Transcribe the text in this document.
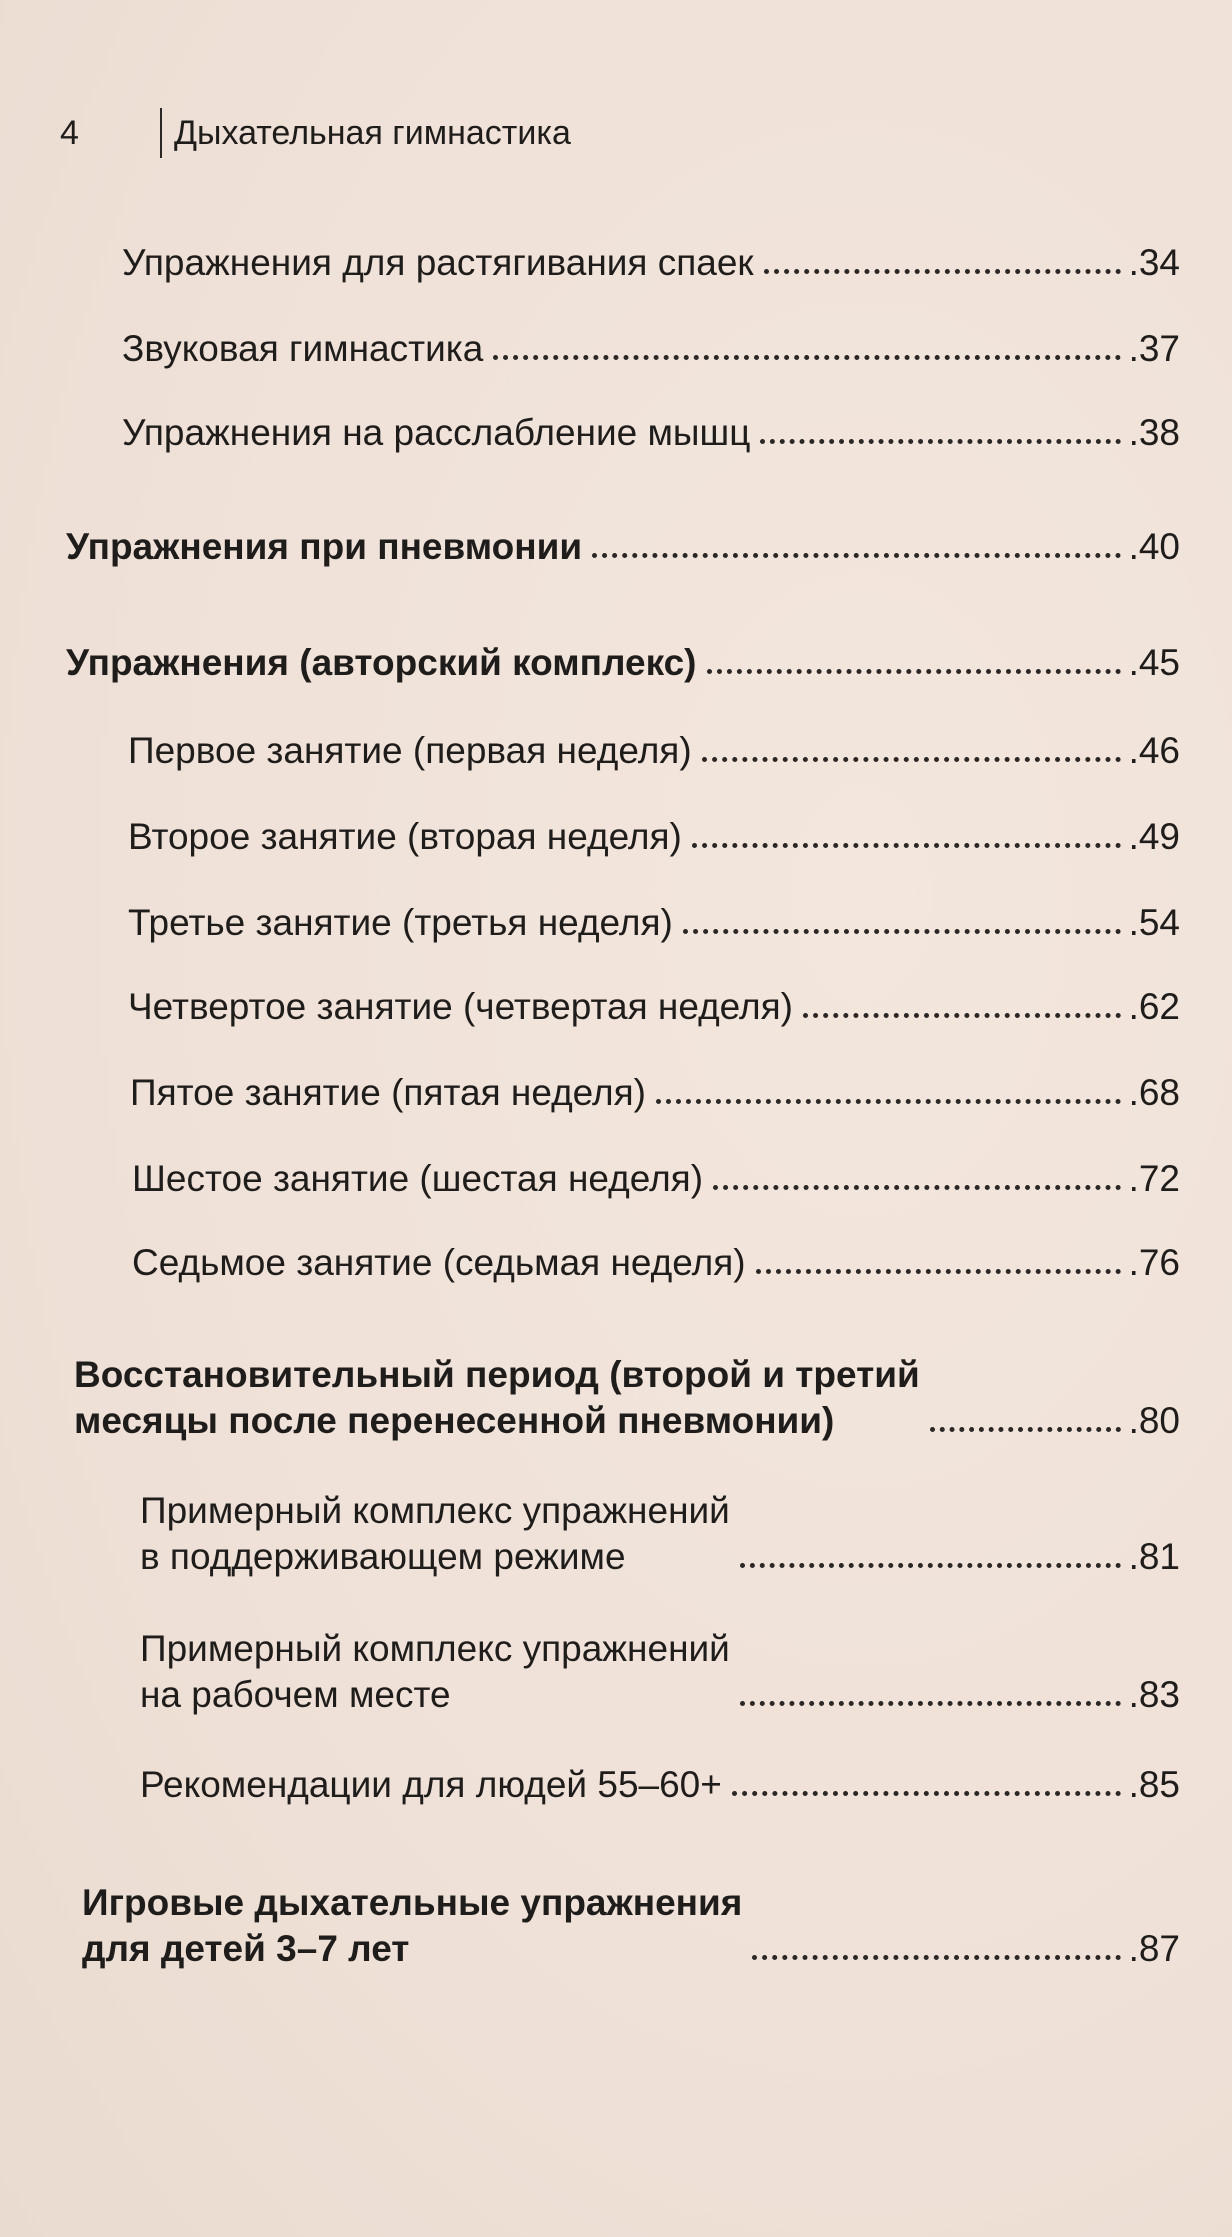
4	Дыхательная гимнастика
Упражнения для растягивания спаек	.34
Звуковая гимнастика	.37
Упражнения на расслабление мышц	.38
Упражнения при пневмонии	.40
Упражнения (авторский комплекс)	.45
Первое занятие (первая неделя)	.46
Второе занятие (вторая неделя)	.49
Третье занятие (третья неделя)	.54
Четвертое занятие (четвертая неделя)	.62
Пятое занятие (пятая неделя)	.68
Шестое занятие (шестая неделя)	.72
Седьмое занятие (седьмая неделя)	.76
Восстановительный период (второй и третий
месяцы после перенесенной пневмонии)	.80
Примерный комплекс упражнений
в поддерживающем режиме	.81
Примерный комплекс упражнений
на рабочем месте	.83
Рекомендации для людей 55–60+	.85
Игровые дыхательные упражнения
для детей 3–7 лет	.87
